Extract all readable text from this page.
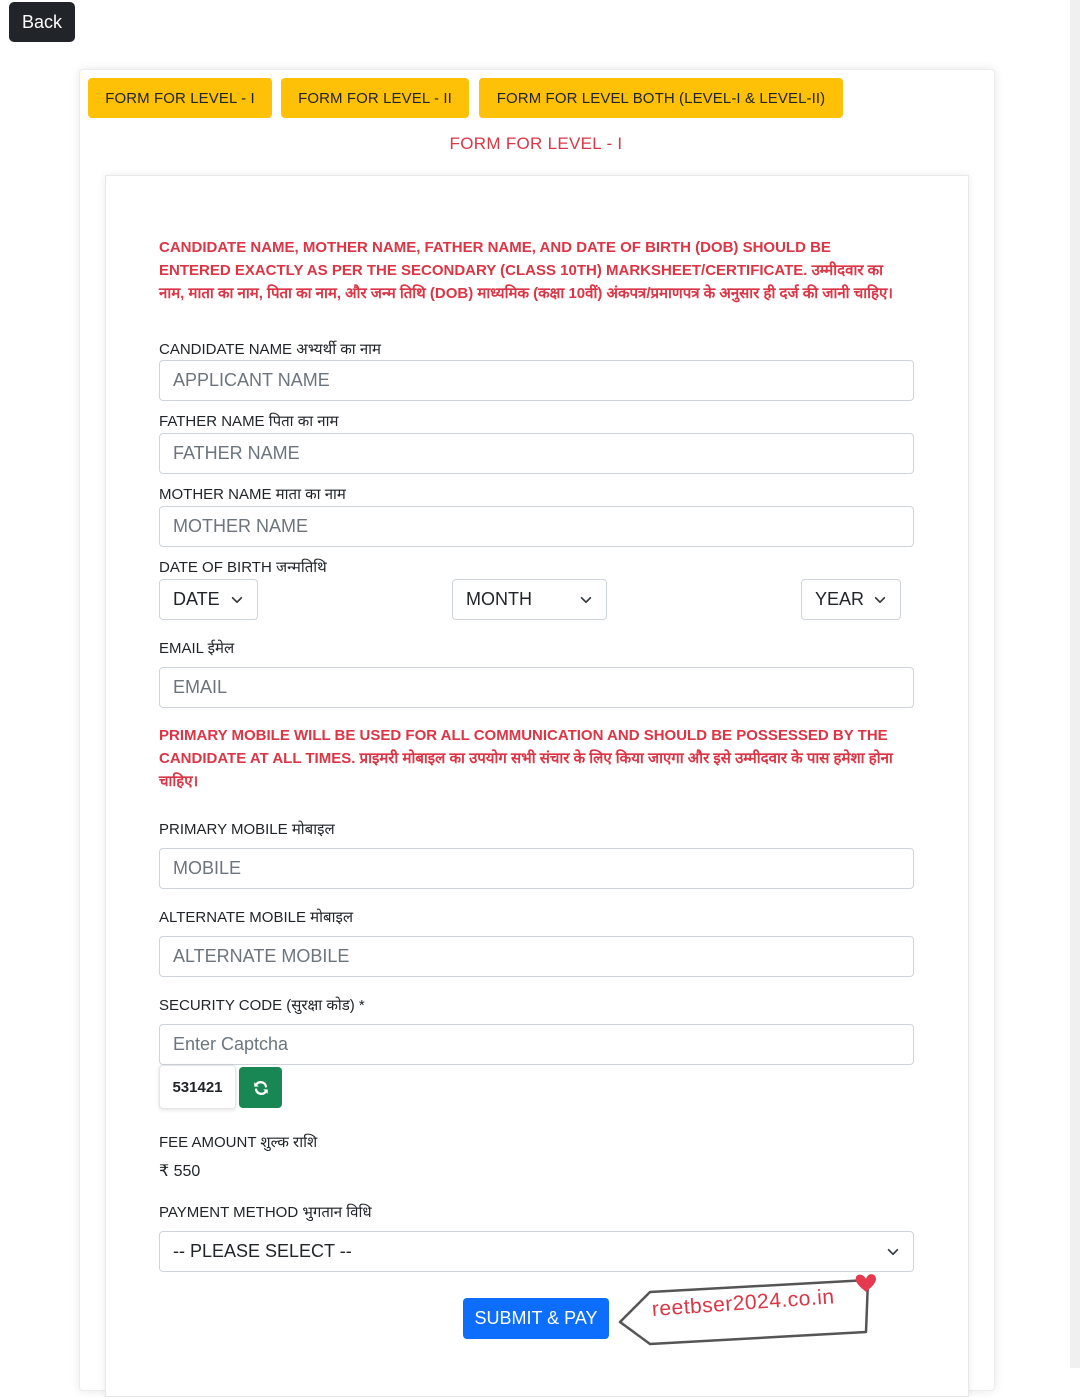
Back
FORM FOR LEVEL - I	FORM FOR LEVEL - II	FORM FOR LEVEL BOTH (LEVEL-I & LEVEL-II)
FORM FOR LEVEL - I
CANDIDATE NAME, MOTHER NAME, FATHER NAME, AND DATE OF BIRTH (DOB) SHOULD BE ENTERED EXACTLY AS PER THE SECONDARY (CLASS 10TH) MARKSHEET/CERTIFICATE. उम्मीदवार का नाम, माता का नाम, पिता का नाम, और जन्म तिथि (DOB) माध्यमिक (कक्षा 10वीं) अंकपत्र/प्रमाणपत्र के अनुसार ही दर्ज की जानी चाहिए।
CANDIDATE NAME अभ्यर्थी का नाम
APPLICANT NAME
FATHER NAME पिता का नाम
FATHER NAME
MOTHER NAME माता का नाम
MOTHER NAME
DATE OF BIRTH जन्मतिथि
DATE	MONTH	YEAR
EMAIL ईमेल
EMAIL
PRIMARY MOBILE WILL BE USED FOR ALL COMMUNICATION AND SHOULD BE POSSESSED BY THE CANDIDATE AT ALL TIMES. प्राइमरी मोबाइल का उपयोग सभी संचार के लिए किया जाएगा और इसे उम्मीदवार के पास हमेशा होना चाहिए।
PRIMARY MOBILE मोबाइल
MOBILE
ALTERNATE MOBILE मोबाइल
ALTERNATE MOBILE
SECURITY CODE (सुरक्षा कोड) *
Enter Captcha
531421
FEE AMOUNT शुल्क राशि
₹ 550
PAYMENT METHOD भुगतान विधि
-- PLEASE SELECT --
SUBMIT & PAY	reetbser2024.co.in
